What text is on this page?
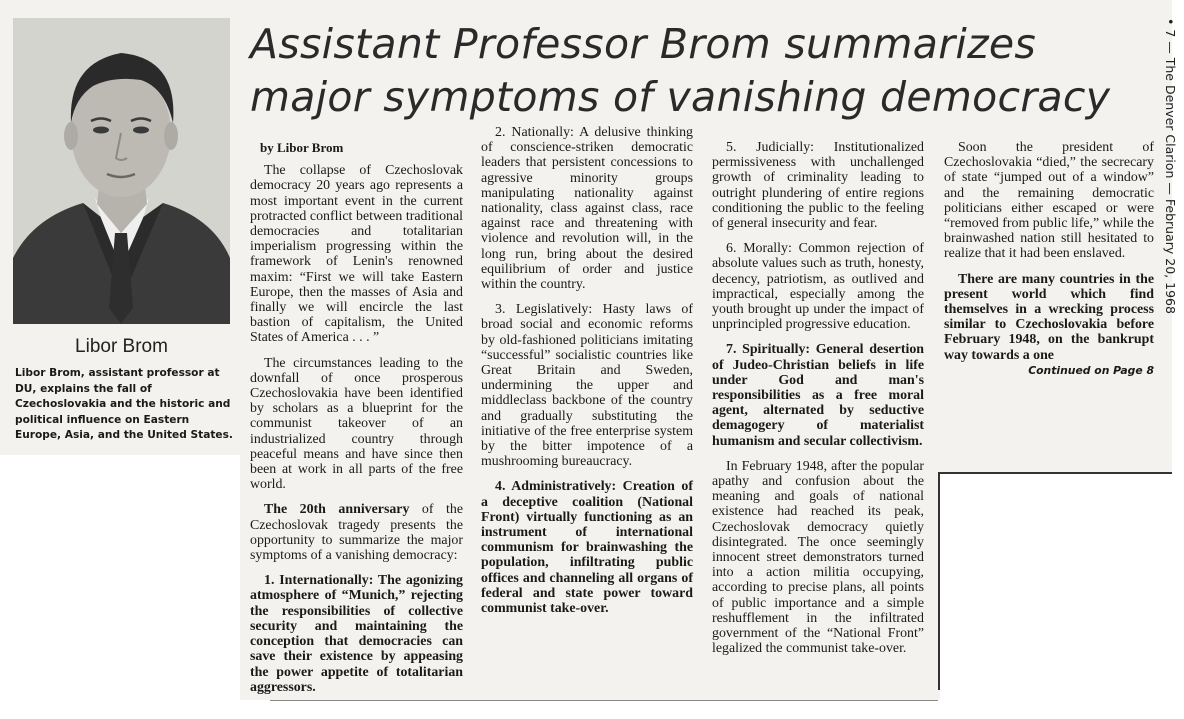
Libor Brom
Libor Brom, assistant professor at DU, explains the fall of Czechoslovakia and the historic and political influence on Eastern Europe, Asia, and the United States.
Assistant Professor Brom summarizes
major symptoms of vanishing democracy	• 7 — The Denver Clarion — February 20, 1968

by Libor Brom

The collapse of Czechoslovak democracy 20 years ago represents a most important event in the current protracted conflict between traditional democracies and totalitarian imperialism progressing within the framework of Lenin's renowned maxim: “First we will take Eastern Europe, then the masses of Asia and finally we will encircle the last bastion of capitalism, the United States of America . . . ”

The circumstances leading to the downfall of once prosperous Czechoslovakia have been identified by scholars as a blueprint for the communist takeover of an industrialized country through peaceful means and have since then been at work in all parts of the free world.

The 20th anniversary of the Czechoslovak tragedy presents the opportunity to summarize the major symptoms of a vanishing democracy:

1. Internationally: The agonizing atmosphere of “Munich,” rejecting the responsibilities of collective security and maintaining the conception that democracies can save their existence by appeasing the power appetite of totalitarian aggressors.

2. Nationally: A delusive thinking of conscience-striken democratic leaders that persistent concessions to agressive minority groups manipulating nationality against nationality, class against class, race against race and threatening with violence and revolution will, in the long run, bring about the desired equilibrium of order and justice within the country.

3. Legislatively: Hasty laws of broad social and economic reforms by old-fashioned politicians imitating “successful” socialistic countries like Great Britain and Sweden, undermining the upper and middleclass backbone of the country and gradually substituting the initiative of the free enterprise system by the bitter impotence of a mushrooming bureaucracy.

4. Administratively: Creation of a deceptive coalition (National Front) virtually functioning as an instrument of international communism for brainwashing the population, infiltrating public offices and channeling all organs of federal and state power toward communist take-over.

5. Judicially: Institutionalized permissiveness with unchallenged growth of criminality leading to outright plundering of entire regions conditioning the public to the feeling of general insecurity and fear.

6. Morally: Common rejection of absolute values such as truth, honesty, decency, patriotism, as outlived and impractical, especially among the youth brought up under the impact of unprincipled progressive education.

7. Spiritually: General desertion of Judeo-Christian beliefs in life under God and man's responsibilities as a free moral agent, alternated by seductive demagogery of materialist humanism and secular collectivism.

In February 1948, after the popular apathy and confusion about the meaning and goals of national existence had reached its peak, Czechoslovak democracy quietly disintegrated. The once seemingly innocent street demonstrators turned into a action militia occupying, according to precise plans, all points of public importance and a simple reshufflement in the infiltrated government of the “National Front” legalized the communist take-over.

Soon the president of Czechoslovakia “died,” the secrecary of state “jumped out of a window” and the remaining democratic politicians either escaped or were “removed from public life,” while the brainwashed nation still hesitated to realize that it had been enslaved.

There are many countries in the present world which find themselves in a wrecking process similar to Czechoslovakia before February 1948, on the bankrupt way towards a one

Continued on Page 8
